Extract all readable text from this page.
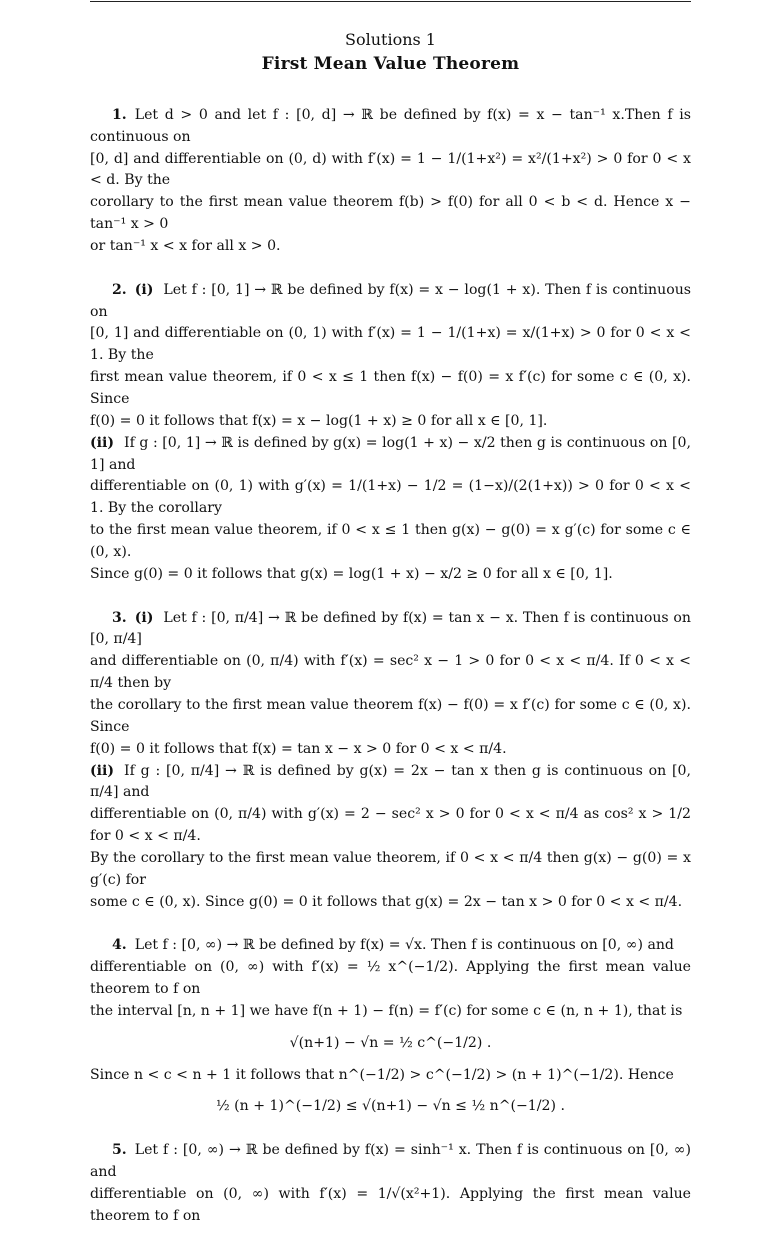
Solutions 1
First Mean Value Theorem

1. Let d > 0 and let f : [0, d] → ℝ be defined by f(x) = x − tan⁻¹ x.Then f is continuous on
[0, d] and differentiable on (0, d) with f′(x) = 1 − 1/(1+x²) = x²/(1+x²) > 0 for 0 < x < d. By the
corollary to the first mean value theorem f(b) > f(0) for all 0 < b < d. Hence x − tan⁻¹ x > 0
or tan⁻¹ x < x for all x > 0.
2. (i) Let f : [0, 1] → ℝ be defined by f(x) = x − log(1 + x). Then f is continuous on
[0, 1] and differentiable on (0, 1) with f′(x) = 1 − 1/(1+x) = x/(1+x) > 0 for 0 < x < 1. By the
first mean value theorem, if 0 < x ≤ 1 then f(x) − f(0) = x f′(c) for some c ∈ (0, x). Since
f(0) = 0 it follows that f(x) = x − log(1 + x) ≥ 0 for all x ∈ [0, 1].
(ii) If g : [0, 1] → ℝ is defined by g(x) = log(1 + x) − x/2 then g is continuous on [0, 1] and
differentiable on (0, 1) with g′(x) = 1/(1+x) − 1/2 = (1−x)/(2(1+x)) > 0 for 0 < x < 1. By the corollary
to the first mean value theorem, if 0 < x ≤ 1 then g(x) − g(0) = x g′(c) for some c ∈ (0, x).
Since g(0) = 0 it follows that g(x) = log(1 + x) − x/2 ≥ 0 for all x ∈ [0, 1].
3. (i) Let f : [0, π/4] → ℝ be defined by f(x) = tan x − x. Then f is continuous on [0, π/4]
and differentiable on (0, π/4) with f′(x) = sec² x − 1 > 0 for 0 < x < π/4. If 0 < x < π/4 then by
the corollary to the first mean value theorem f(x) − f(0) = x f′(c) for some c ∈ (0, x). Since
f(0) = 0 it follows that f(x) = tan x − x > 0 for 0 < x < π/4.
(ii) If g : [0, π/4] → ℝ is defined by g(x) = 2x − tan x then g is continuous on [0, π/4] and
differentiable on (0, π/4) with g′(x) = 2 − sec² x > 0 for 0 < x < π/4 as cos² x > 1/2 for 0 < x < π/4.
By the corollary to the first mean value theorem, if 0 < x < π/4 then g(x) − g(0) = x g′(c) for
some c ∈ (0, x). Since g(0) = 0 it follows that g(x) = 2x − tan x > 0 for 0 < x < π/4.
4. Let f : [0, ∞) → ℝ be defined by f(x) = √x. Then f is continuous on [0, ∞) and
differentiable on (0, ∞) with f′(x) = ½ x^(−1/2). Applying the first mean value theorem to f on
the interval [n, n + 1] we have f(n + 1) − f(n) = f′(c) for some c ∈ (n, n + 1), that is
√(n+1) − √n = ½ c^(−1/2) .
Since n < c < n + 1 it follows that n^(−1/2) > c^(−1/2) > (n + 1)^(−1/2). Hence
½ (n + 1)^(−1/2) ≤ √(n+1) − √n ≤ ½ n^(−1/2) .
5. Let f : [0, ∞) → ℝ be defined by f(x) = sinh⁻¹ x. Then f is continuous on [0, ∞) and
differentiable on (0, ∞) with f′(x) = 1/√(x²+1). Applying the first mean value theorem to f on
